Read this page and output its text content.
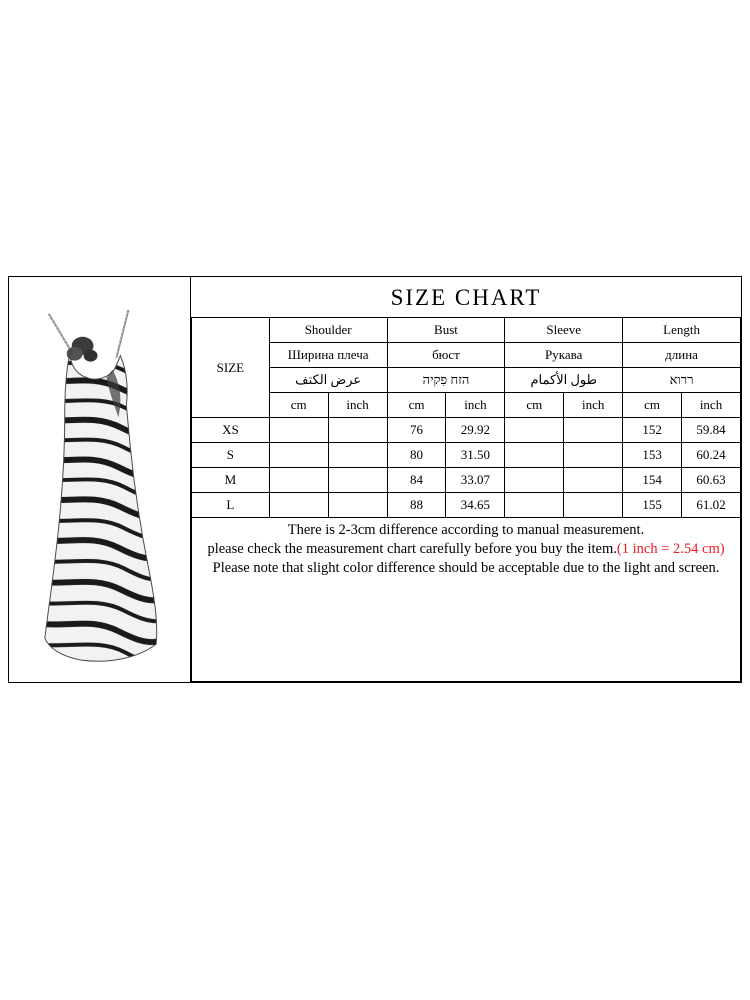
SIZE CHART
SIZE	Shoulder		Bust		Sleeve		Length	
	Ширина плеча		бюст		Рукава		длина	
	عرض الكتف		הזח פִקיה		طول الأكمام		ררוא	
	cm	inch	cm	inch	cm	inch	cm	inch
XS			76	29.92			152	59.84
S			80	31.50			153	60.24
M			84	33.07			154	60.63
L			88	34.65			155	61.02

There is 2-3cm difference according to manual measurement.

please check the measurement chart carefully before you buy the item.(1 inch = 2.54 cm)

Please note that slight color difference should be acceptable due to the light and screen.
